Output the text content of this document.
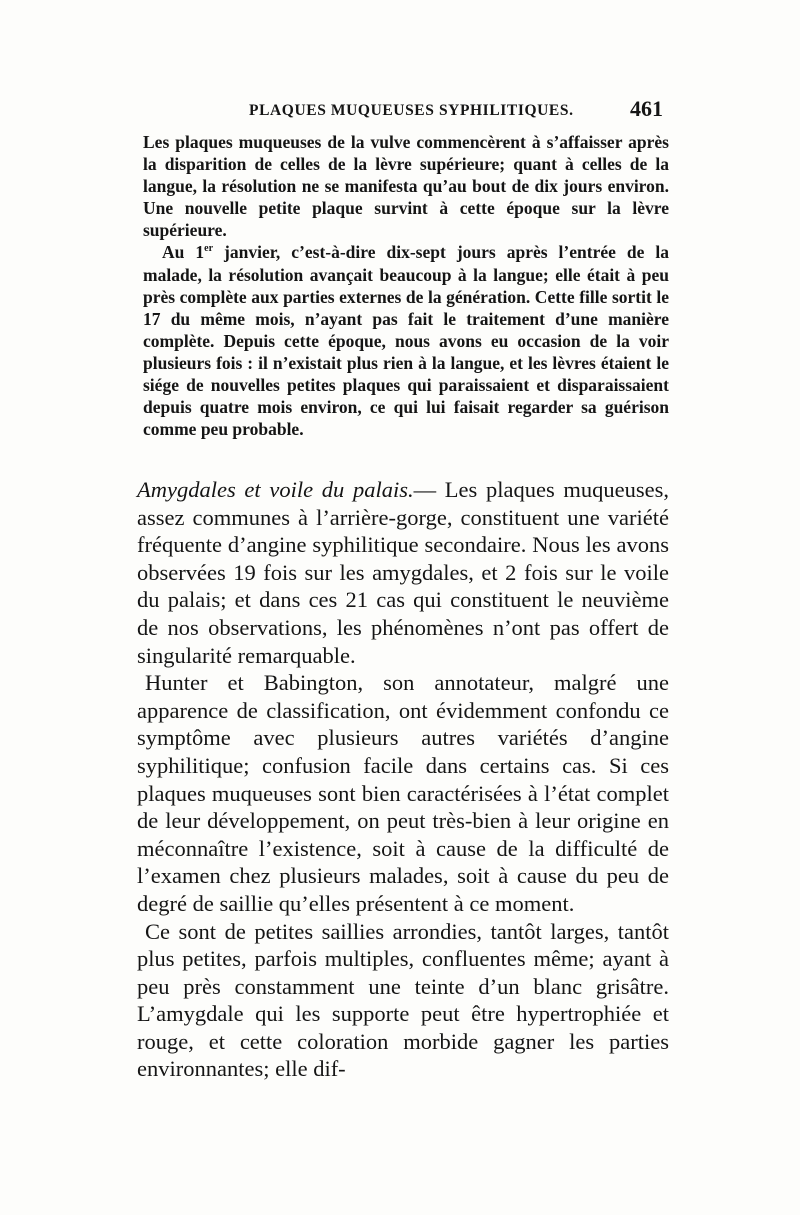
PLAQUES MUQUEUSES SYPHILITIQUES.	461

Les plaques muqueuses de la vulve commencèrent à s’affaisser après la disparition de celles de la lèvre supérieure; quant à celles de la langue, la résolution ne se manifesta qu’au bout de dix jours environ. Une nouvelle petite plaque survint à cette époque sur la lèvre supérieure.

Au 1er janvier, c’est-à-dire dix-sept jours après l’entrée de la malade, la résolution avançait beaucoup à la langue; elle était à peu près complète aux parties externes de la génération. Cette fille sortit le 17 du même mois, n’ayant pas fait le traitement d’une manière complète. Depuis cette époque, nous avons eu occasion de la voir plusieurs fois : il n’existait plus rien à la langue, et les lèvres étaient le siége de nouvelles petites plaques qui paraissaient et disparaissaient depuis quatre mois environ, ce qui lui faisait regarder sa guérison comme peu probable.

Amygdales et voile du palais.— Les plaques muqueuses, assez communes à l’arrière-gorge, constituent une variété fréquente d’angine syphilitique secondaire. Nous les avons observées 19 fois sur les amygdales, et 2 fois sur le voile du palais; et dans ces 21 cas qui constituent le neuvième de nos observations, les phénomènes n’ont pas offert de singularité remarquable.

Hunter et Babington, son annotateur, malgré une apparence de classification, ont évidemment confondu ce symptôme avec plusieurs autres variétés d’angine syphilitique; confusion facile dans certains cas. Si ces plaques muqueuses sont bien caractérisées à l’état complet de leur développement, on peut très-bien à leur origine en méconnaître l’existence, soit à cause de la difficulté de l’examen chez plusieurs malades, soit à cause du peu de degré de saillie qu’elles présentent à ce moment.

Ce sont de petites saillies arrondies, tantôt larges, tantôt plus petites, parfois multiples, confluentes même; ayant à peu près constamment une teinte d’un blanc grisâtre. L’amygdale qui les supporte peut être hypertrophiée et rouge, et cette coloration morbide gagner les parties environnantes; elle dif-
